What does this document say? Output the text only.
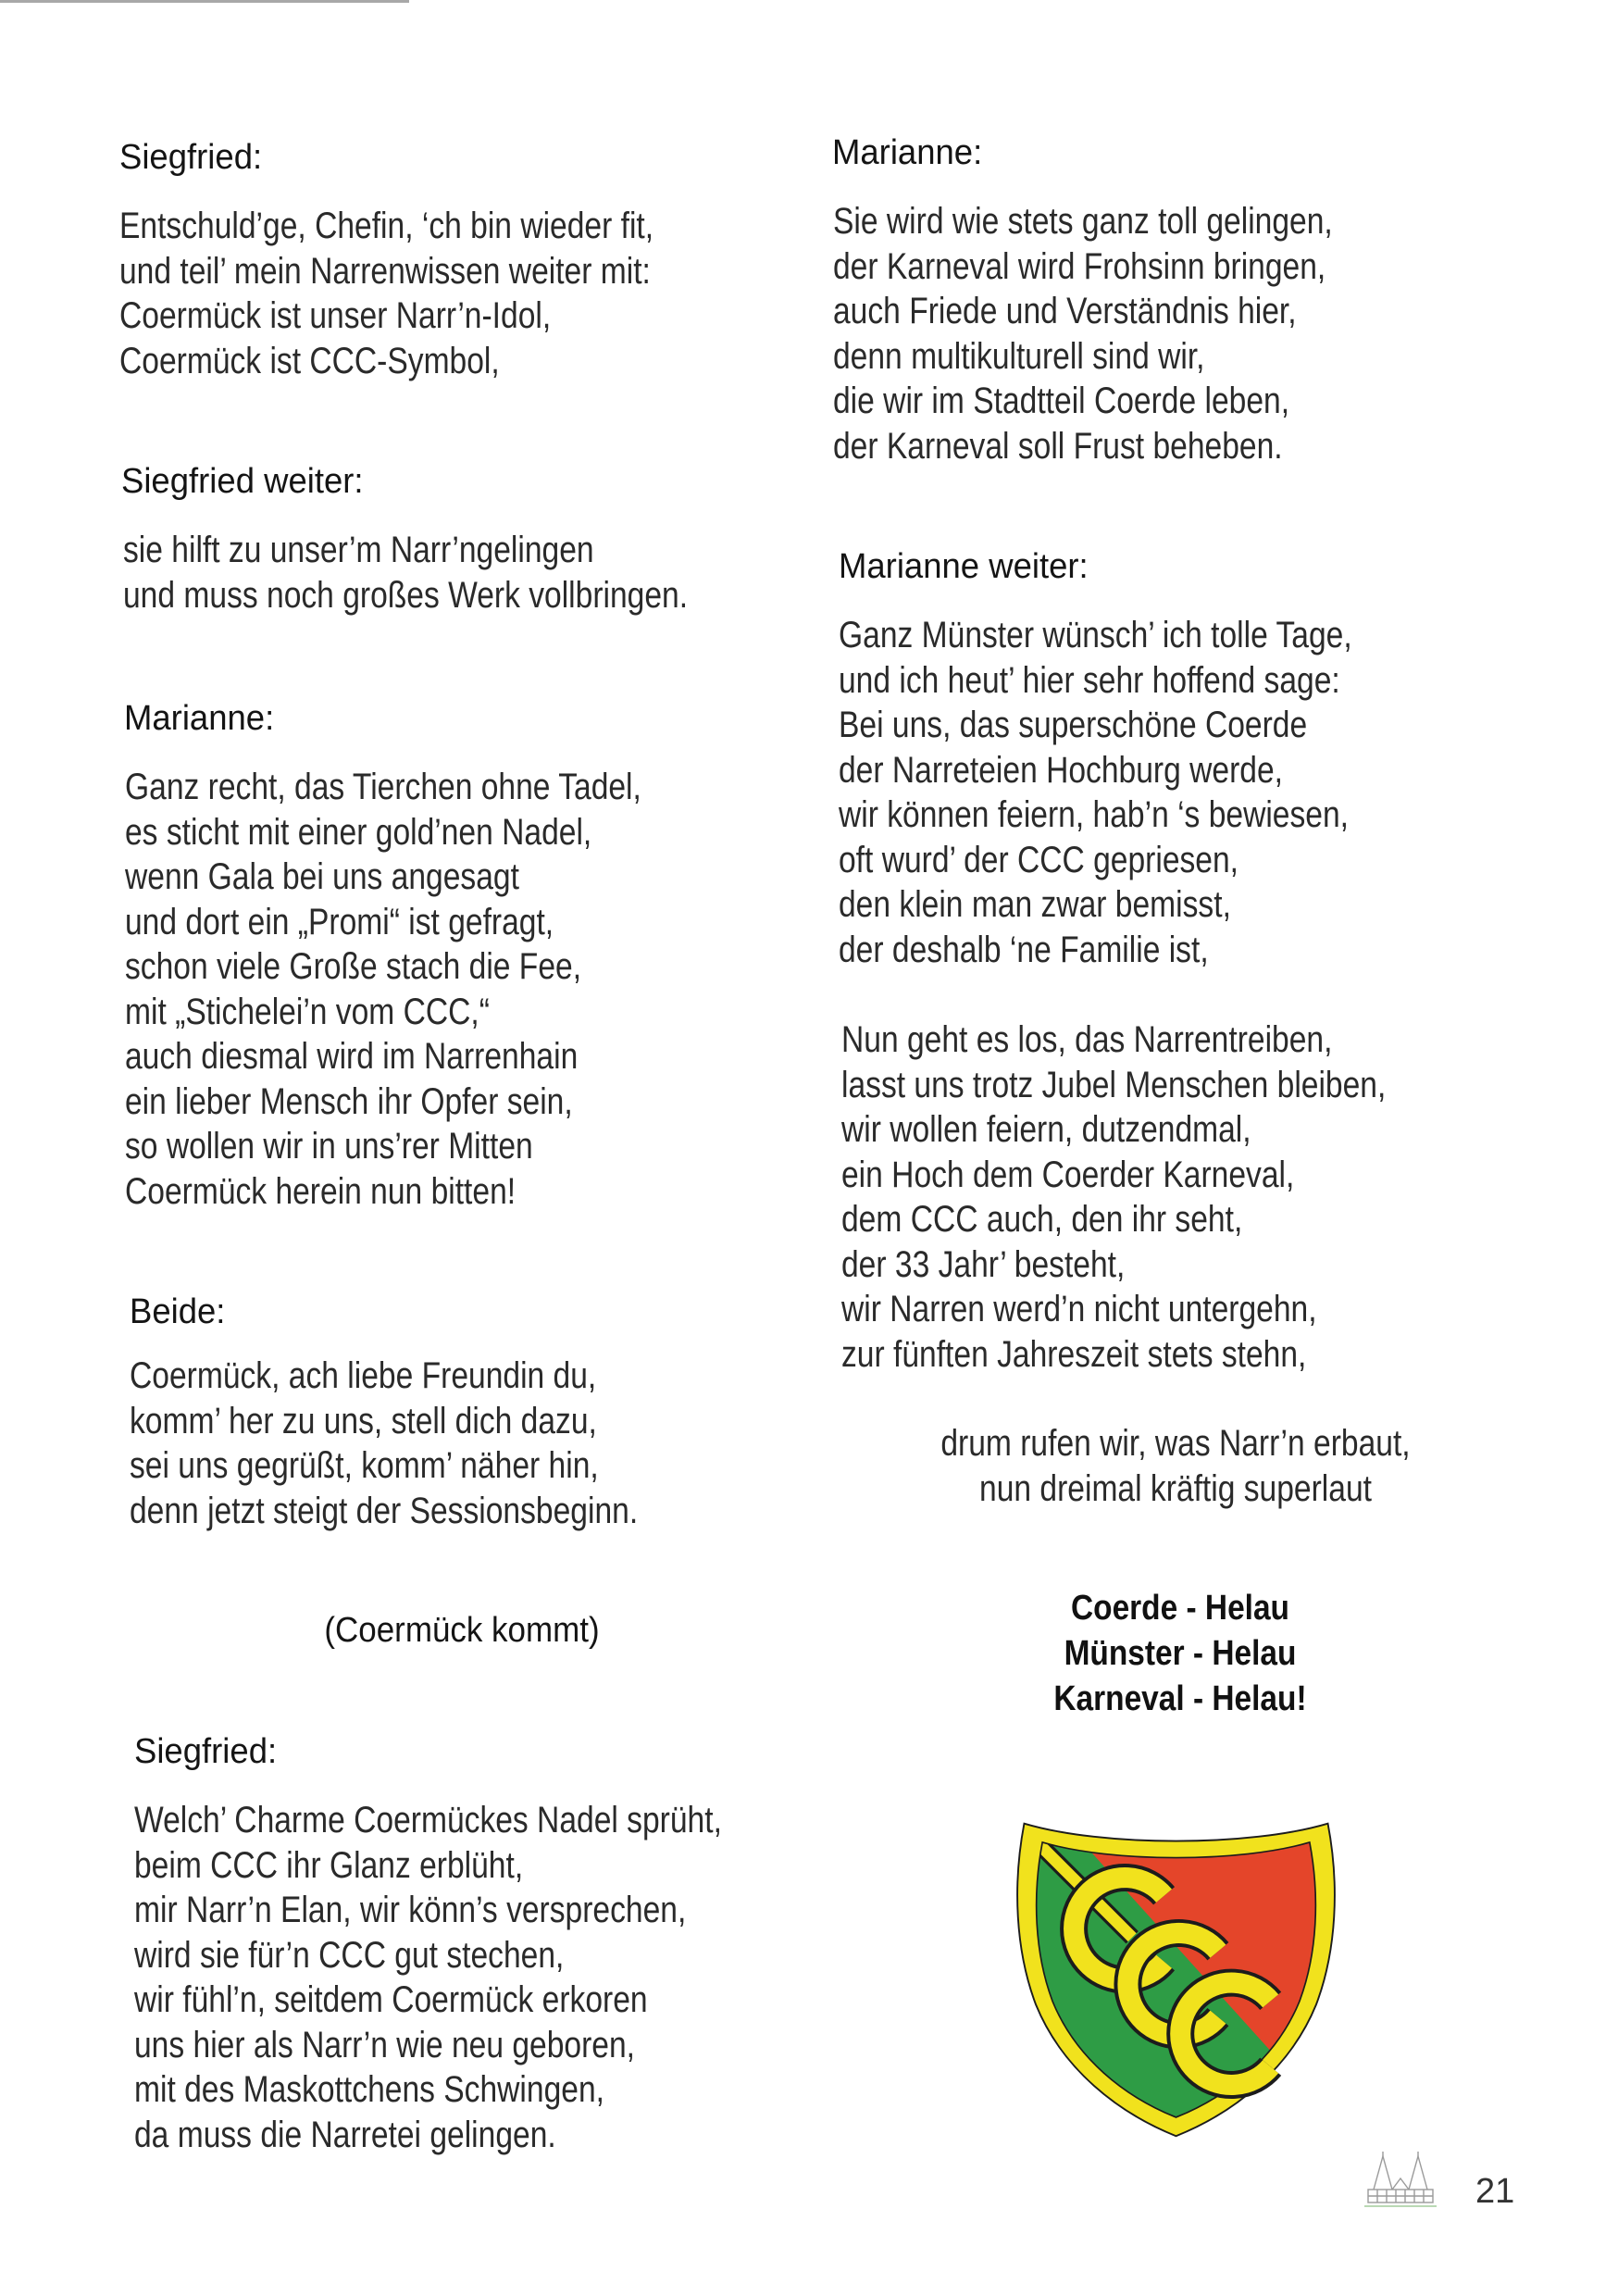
Siegfried:
Entschuld’ge, Chefin, ‘ch bin wieder fit,
und teil’ mein Narrenwissen weiter mit:
Coermück ist unser Narr’n-Idol,
Coermück ist CCC-Symbol,
Siegfried weiter:
sie hilft zu unser’m Narr’ngelingen
und muss noch großes Werk vollbringen.
Marianne:
Ganz recht, das Tierchen ohne Tadel,
es sticht mit einer gold’nen Nadel,
wenn Gala bei uns angesagt
und dort ein „Promi“ ist gefragt,
schon viele Große stach die Fee,
mit „Stichelei’n vom CCC,“
auch diesmal wird im Narrenhain
ein lieber Mensch ihr Opfer sein,
so wollen wir in uns’rer Mitten
Coermück herein nun bitten!
Beide:
Coermück, ach liebe Freundin du,
komm’ her zu uns, stell dich dazu,
sei uns gegrüßt, komm’ näher hin,
denn jetzt steigt der Sessionsbeginn.
(Coermück kommt)
Siegfried:
Welch’ Charme Coermückes Nadel sprüht,
beim CCC ihr Glanz erblüht,
mir Narr’n Elan, wir könn’s versprechen,
wird sie für’n CCC gut stechen,
wir fühl’n, seitdem Coermück erkoren
uns hier als Narr’n wie neu geboren,
mit des Maskottchens Schwingen,
da muss die Narretei gelingen.
Marianne:
Sie wird wie stets ganz toll gelingen,
der Karneval wird Frohsinn bringen,
auch Friede und Verständnis hier,
denn multikulturell sind wir,
die wir im Stadtteil Coerde leben,
der Karneval soll Frust beheben.
Marianne weiter:
Ganz Münster wünsch’ ich tolle Tage,
und ich heut’ hier sehr hoffend sage:
Bei uns, das superschöne Coerde
der Narreteien Hochburg werde,
wir können feiern, hab’n ‘s bewiesen,
oft wurd’ der CCC gepriesen,
den klein man zwar bemisst,
der deshalb ‘ne Familie ist,
Nun geht es los, das Narrentreiben,
lasst uns trotz Jubel Menschen bleiben,
wir wollen feiern, dutzendmal,
ein Hoch dem Coerder Karneval,
dem CCC auch, den ihr seht,
der 33 Jahr’ besteht,
wir Narren werd’n nicht untergehn,
zur fünften Jahreszeit stets stehn,
drum rufen wir, was Narr’n erbaut,
nun dreimal kräftig superlaut
Coerde - Helau
Münster - Helau
Karneval - Helau!
21
